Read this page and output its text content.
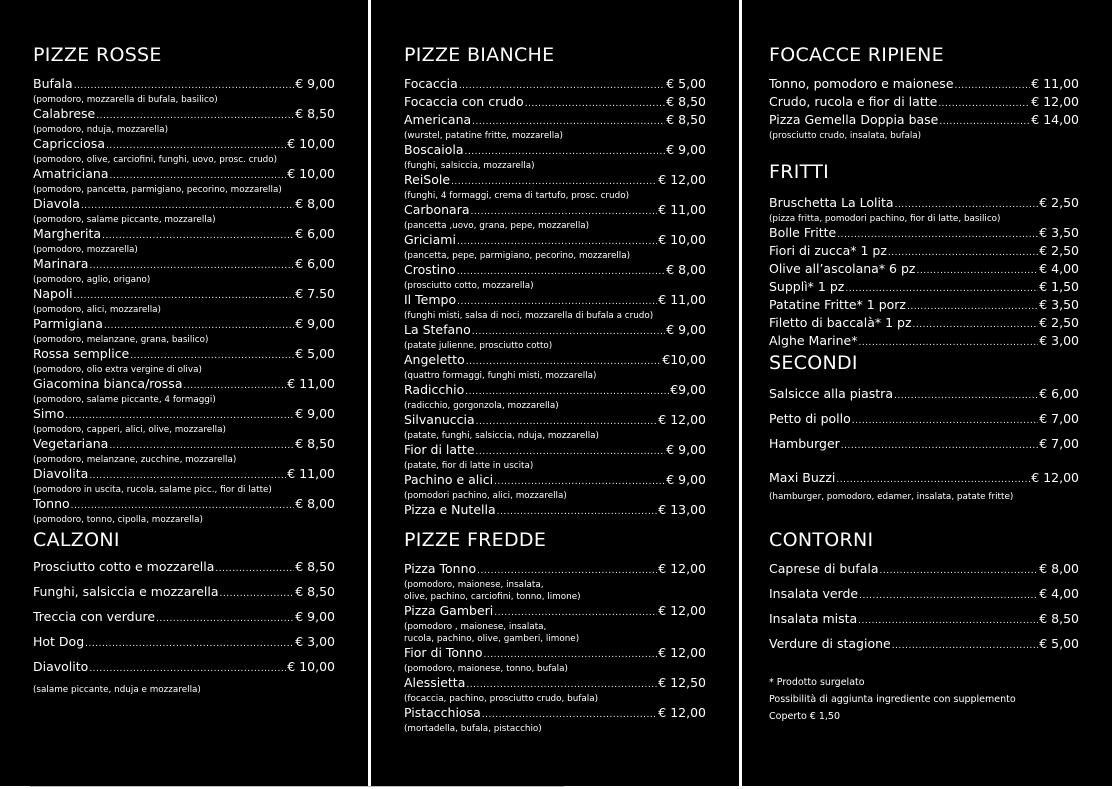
PIZZE ROSSE
Bufala .....	€ 9,00
(pomodoro, mozzarella di bufala, basilico)
Calabrese .....	€ 8,50
(pomodoro, nduja, mozzarella)
Capricciosa .....	€ 10,00
(pomodoro, olive, carciofini, funghi, uovo, prosc. crudo)
Amatriciana .....	€ 10,00
(pomodoro, pancetta, parmigiano, pecorino, mozzarella)
Diavola .....	€ 8,00
(pomodoro, salame piccante, mozzarella)
Margherita .....	€ 6,00
(pomodoro, mozzarella)
Marinara .....	€ 6,00
(pomodoro, aglio, origano)
Napoli .....	€ 7.50
(pomodoro, alici, mozzarella)
Parmigiana .....	€ 9,00
(pomodoro, melanzane, grana, basilico)
Rossa semplice .....	€ 5,00
(pomodoro, olio extra vergine di oliva)
Giacomina bianca/rossa .....	€ 11,00
(pomodoro, salame piccante, 4 formaggi)
Simo .....	€ 9,00
(pomodoro, capperi, alici, olive, mozzarella)
Vegetariana .....	€ 8,50
(pomodoro, melanzane, zucchine, mozzarella)
Diavolita .....	€ 11,00
(pomodoro in uscita, rucola, salame picc., fior di latte)
Tonno .....	€ 8,00
(pomodoro, tonno, cipolla, mozzarella)
CALZONI
Prosciutto cotto e mozzarella .....	€ 8,50
Funghi, salsiccia e mozzarella .....	€ 8,50
Treccia con verdure .....	€ 9,00
Hot Dog .....	€ 3,00
Diavolito .....	€ 10,00
(salame piccante, nduja e mozzarella)
PIZZE BIANCHE
Focaccia .....	€ 5,00
Focaccia con crudo .....	€ 8,50
Americana .....	€ 8,50
(wurstel, patatine fritte, mozzarella)
Boscaiola .....	€ 9,00
(funghi, salsiccia, mozzarella)
ReiSole .....	€ 12,00
(funghi, 4 formaggi, crema di tartufo, prosc. crudo)
Carbonara .....	€ 11,00
(pancetta ,uovo, grana, pepe, mozzarella)
Griciami .....	€ 10,00
(pancetta, pepe, parmigiano, pecorino, mozzarella)
Crostino .....	€ 8,00
(prosciutto cotto, mozzarella)
Il Tempo .....	€ 11,00
(funghi misti, salsa di noci, mozzarella di bufala a crudo)
La Stefano .....	€ 9,00
(patate julienne, prosciutto cotto)
Angeletto .....	€10,00
(quattro formaggi, funghi misti, mozzarella)
Radicchio .....	€9,00
(radicchio, gorgonzola, mozzarella)
Silvanuccia .....	€ 12,00
(patate, funghi, salsiccia, nduja, mozzarella)
Fior di latte .....	€ 9,00
(patate, fior di latte in uscita)
Pachino e alici .....	€ 9,00
(pomodori pachino, alici, mozzarella)
Pizza e Nutella .....	€ 13,00
PIZZE FREDDE
Pizza Tonno .....	€ 12,00
(pomodoro, maionese, insalata,
olive, pachino, carciofini, tonno, limone)
Pizza Gamberi .....	€ 12,00
(pomodoro , maionese, insalata,
rucola, pachino, olive, gamberi, limone)
Fior di Tonno .....	€ 12,00
(pomodoro, maionese, tonno, bufala)
Alessietta .....	€ 12,50
(focaccia, pachino, prosciutto crudo, bufala)
Pistacchiosa .....	€ 12,00
(mortadella, bufala, pistacchio)
FOCACCE RIPIENE
Tonno, pomodoro e maionese .....	€ 11,00
Crudo, rucola e fior di latte .....	€ 12,00
Pizza Gemella Doppia base .....	€ 14,00
(prosciutto crudo, insalata, bufala)
FRITTI
Bruschetta La Lolita .....	€ 2,50
(pizza fritta, pomodori pachino, fior di latte, basilico)
Bolle Fritte .....	€ 3,50
Fiori di zucca* 1 pz .....	€ 2,50
Olive all’ascolana* 6 pz .....	€ 4,00
Supplì* 1 pz .....	€ 1,50
Patatine Fritte* 1 porz .....	€ 3,50
Filetto di baccalà* 1 pz .....	€ 2,50
Alghe Marine* .....	€ 3,00
SECONDI
Salsicce alla piastra .....	€ 6,00
Petto di pollo .....	€ 7,00
Hamburger .....	€ 7,00
Maxi Buzzi .....	€ 12,00
(hamburger, pomodoro, edamer, insalata, patate fritte)
CONTORNI
Caprese di bufala .....	€ 8,00
Insalata verde .....	€ 4,00
Insalata mista .....	€ 8,50
Verdure di stagione .....	€ 5,00
* Prodotto surgelato
Possibilità di aggiunta ingrediente con supplemento
Coperto € 1,50
